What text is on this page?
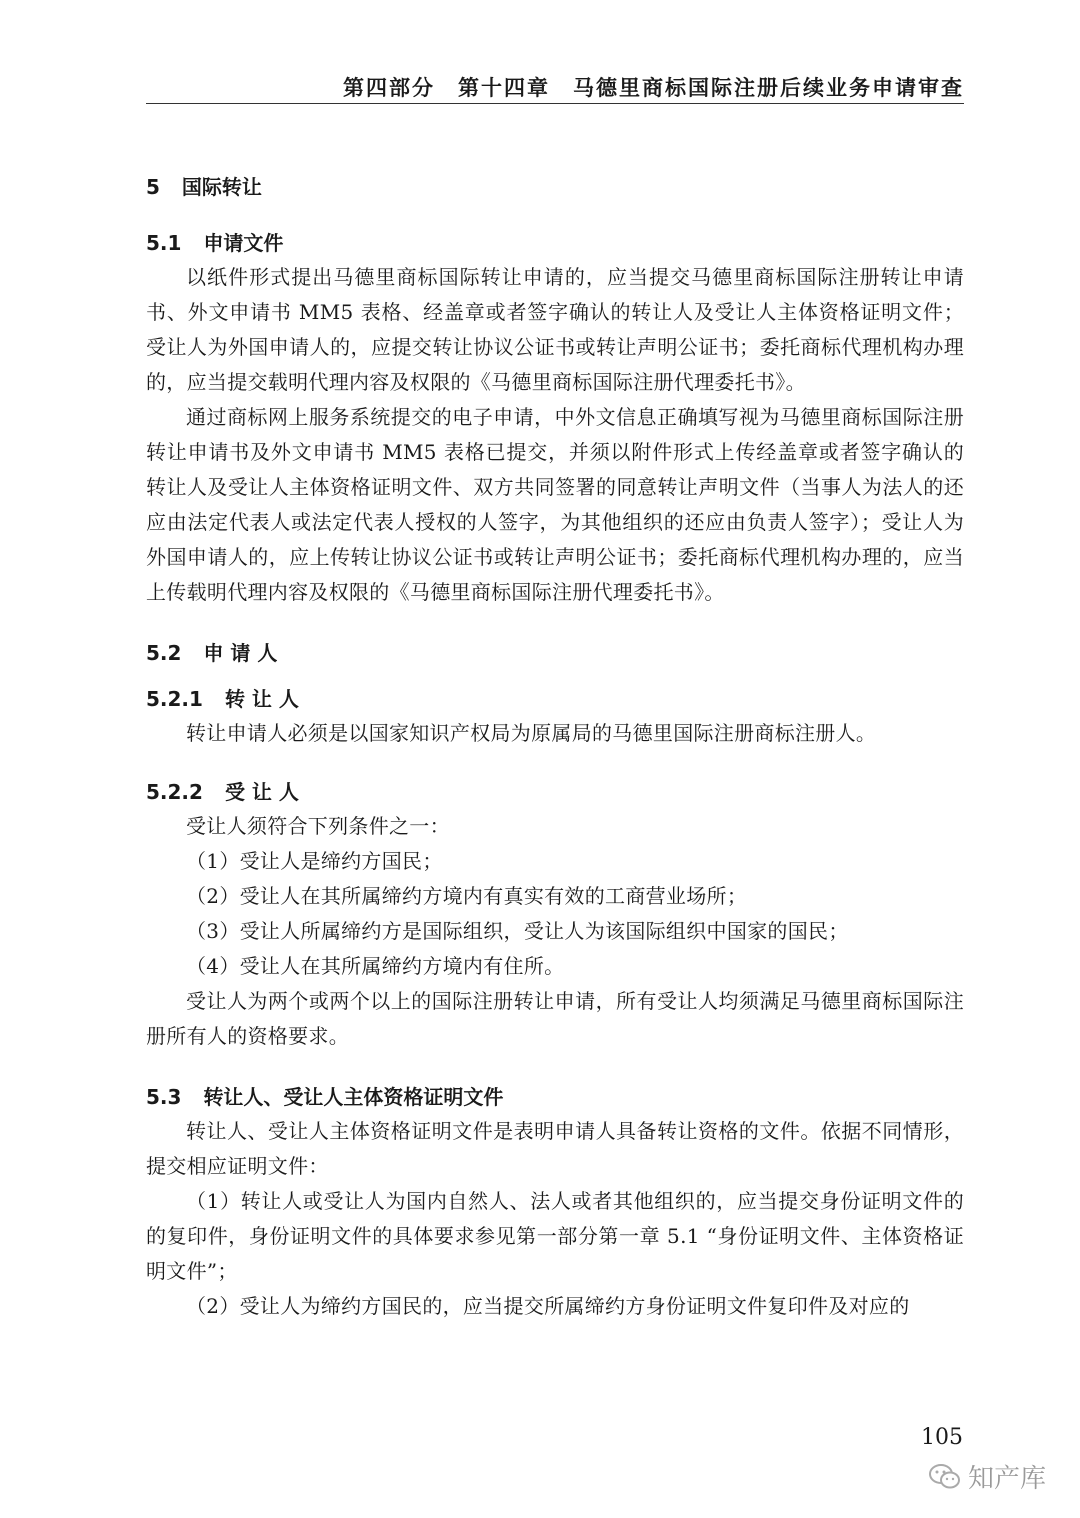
第四部分　第十四章　马德里商标国际注册后续业务申请审查

5 国际转让

5.1 申请文件

以纸件形式提出马德里商标国际转让申请的，应当提交马德里商标国际注册转让申请书、外文申请书 MM5 表格、经盖章或者签字确认的转让人及受让人主体资格证明文件；受让人为外国申请人的，应提交转让协议公证书或转让声明公证书；委托商标代理机构办理的，应当提交载明代理内容及权限的《马德里商标国际注册代理委托书》。

通过商标网上服务系统提交的电子申请，中外文信息正确填写视为马德里商标国际注册转让申请书及外文申请书 MM5 表格已提交，并须以附件形式上传经盖章或者签字确认的转让人及受让人主体资格证明文件、双方共同签署的同意转让声明文件（当事人为法人的还应由法定代表人或法定代表人授权的人签字，为其他组织的还应由负责人签字）；受让人为外国申请人的，应上传转让协议公证书或转让声明公证书；委托商标代理机构办理的，应当上传载明代理内容及权限的《马德里商标国际注册代理委托书》。

5.2 申 请 人

5.2.1 转 让 人

转让申请人必须是以国家知识产权局为原属局的马德里国际注册商标注册人。

5.2.2 受 让 人

受让人须符合下列条件之一：

（1）受让人是缔约方国民；

（2）受让人在其所属缔约方境内有真实有效的工商营业场所；

（3）受让人所属缔约方是国际组织，受让人为该国际组织中国家的国民；

（4）受让人在其所属缔约方境内有住所。

受让人为两个或两个以上的国际注册转让申请，所有受让人均须满足马德里商标国际注册所有人的资格要求。

5.3 转让人、受让人主体资格证明文件

转让人、受让人主体资格证明文件是表明申请人具备转让资格的文件。依据不同情形，提交相应证明文件：

（1）转让人或受让人为国内自然人、法人或者其他组织的，应当提交身份证明文件的的复印件，身份证明文件的具体要求参见第一部分第一章 5.1 “身份证明文件、主体资格证明文件”；

（2）受让人为缔约方国民的，应当提交所属缔约方身份证明文件复印件及对应的

105
知产库
